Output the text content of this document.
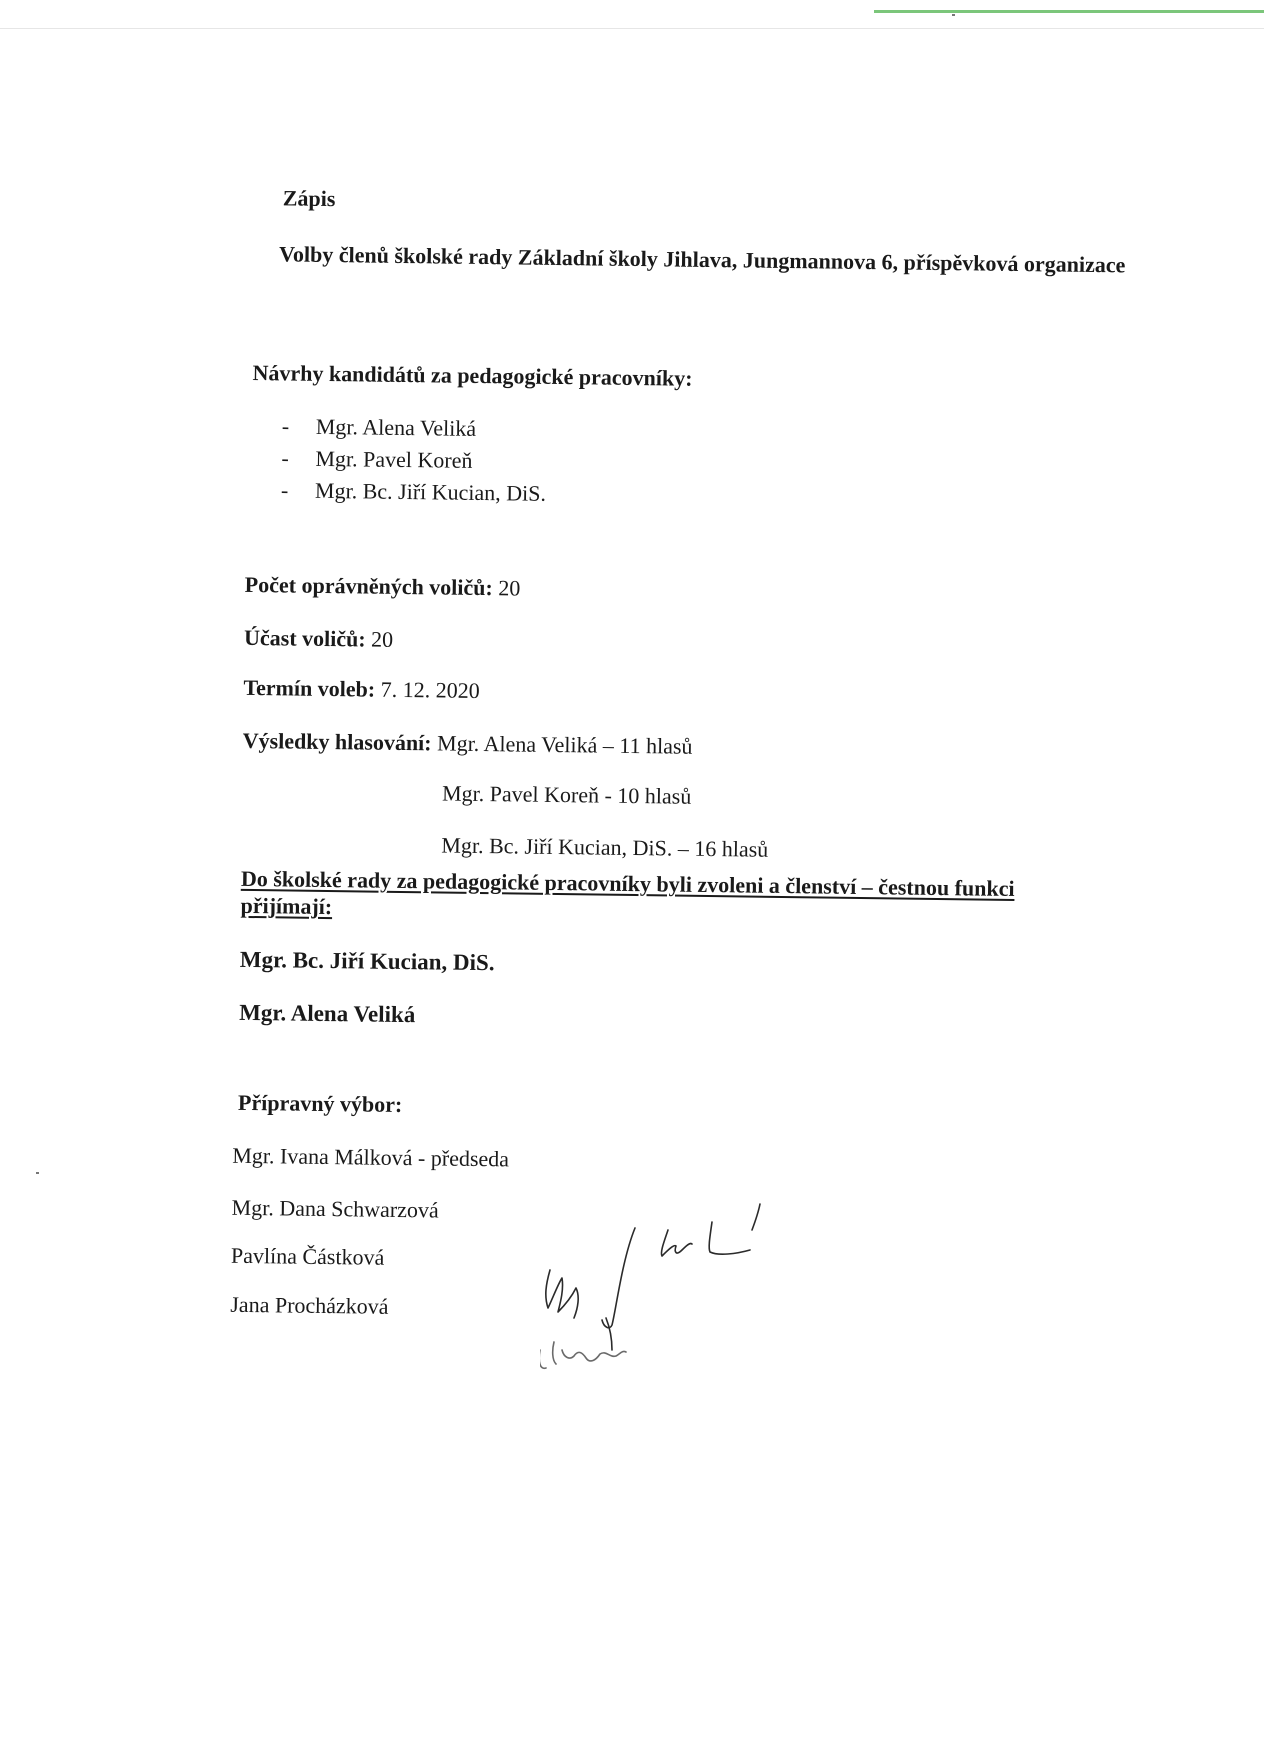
Zápis
Volby členů školské rady Základní školy Jihlava, Jungmannova 6, příspěvková organizace
Návrhy kandidátů za pedagogické pracovníky:
- Mgr. Alena Veliká
- Mgr. Pavel Koreň
- Mgr. Bc. Jiří Kucian, DiS.
Počet oprávněných voličů: 20
Účast voličů: 20
Termín voleb: 7. 12. 2020
Výsledky hlasování: Mgr. Alena Veliká – 11 hlasů
Mgr. Pavel Koreň - 10 hlasů
Mgr. Bc. Jiří Kucian, DiS. – 16 hlasů
Do školské rady za pedagogické pracovníky byli zvoleni a členství – čestnou funkci přijímají:
Mgr. Bc. Jiří Kucian, DiS.
Mgr. Alena Veliká
Přípravný výbor:
Mgr. Ivana Málková - předseda
Mgr. Dana Schwarzová
Pavlína Částková
Jana Procházková
